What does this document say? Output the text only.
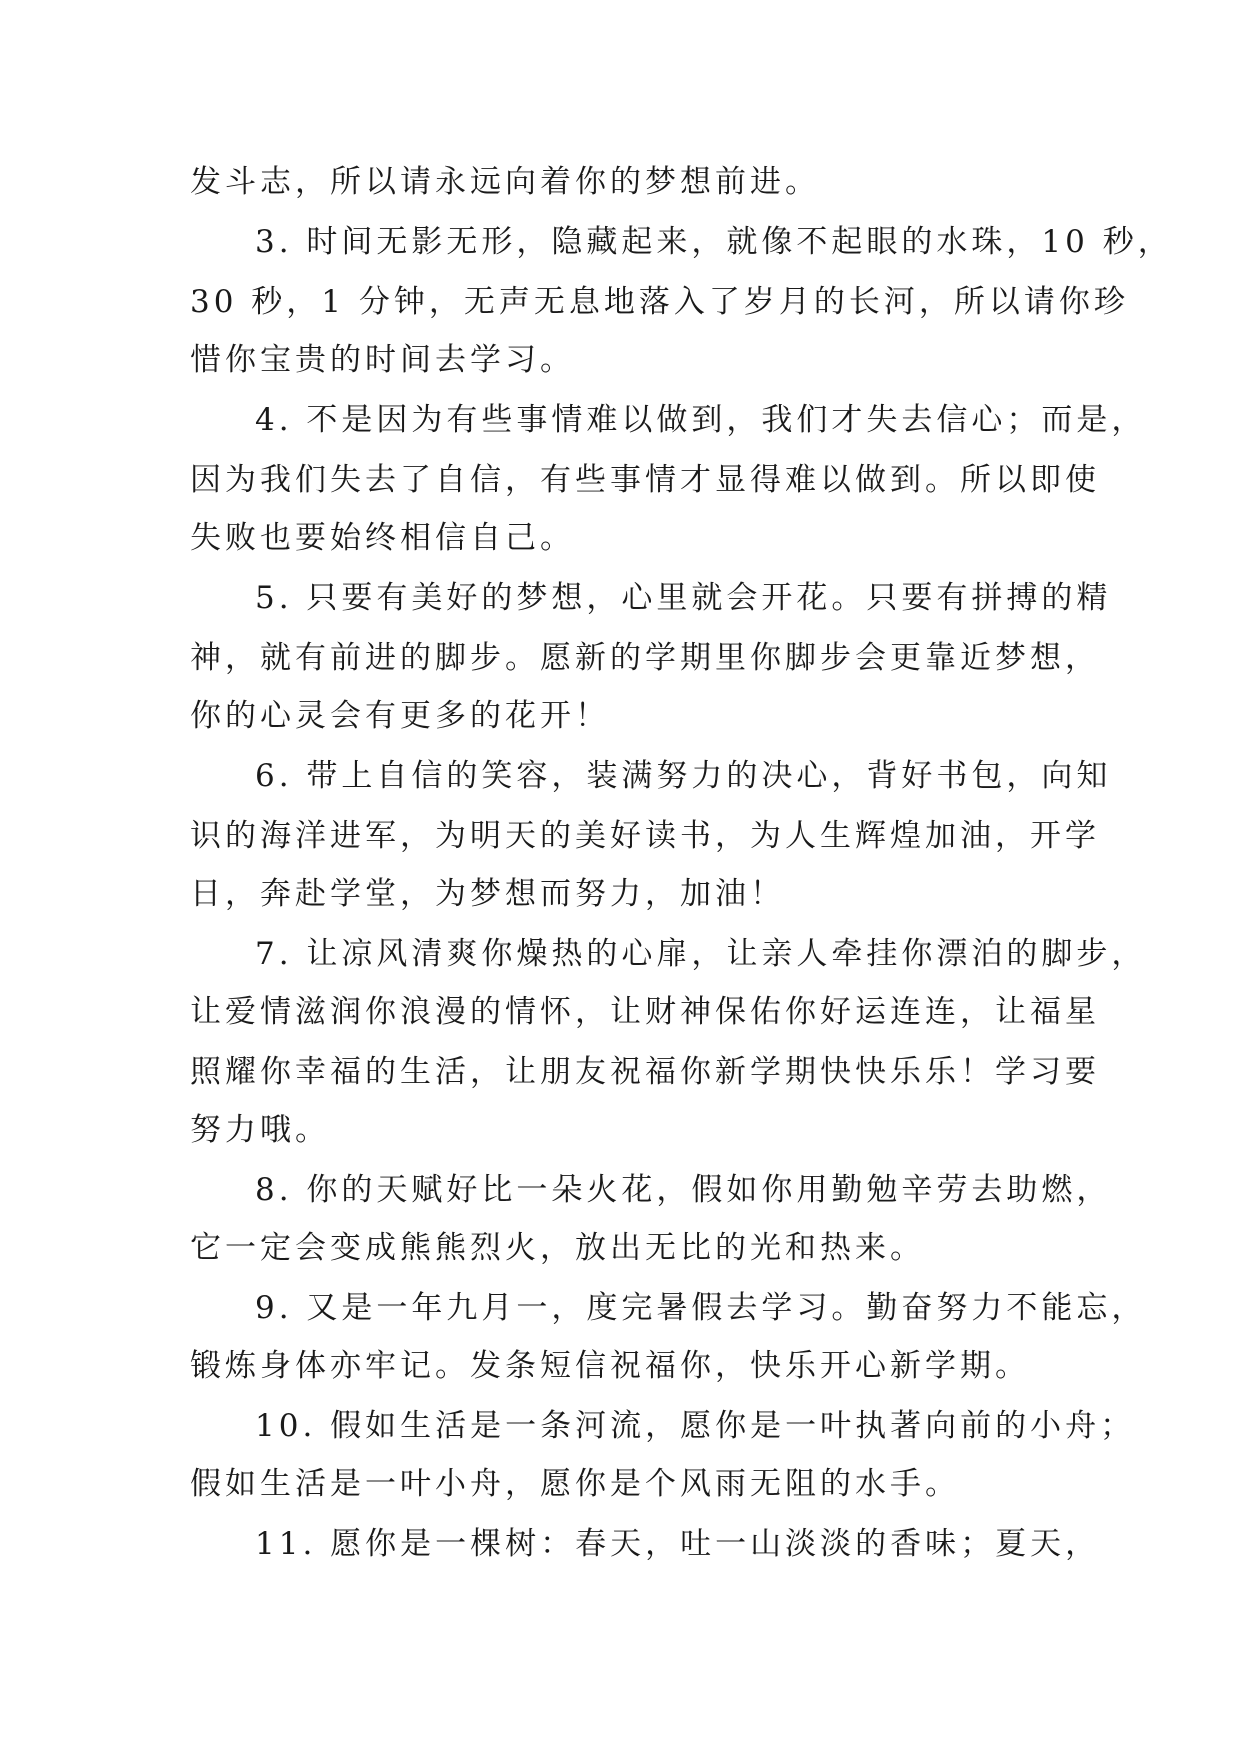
发斗志，所以请永远向着你的梦想前进。
3. 时间无影无形，隐藏起来，就像不起眼的水珠，10 秒，
30 秒，1 分钟，无声无息地落入了岁月的长河，所以请你珍
惜你宝贵的时间去学习。
4. 不是因为有些事情难以做到，我们才失去信心；而是，
因为我们失去了自信，有些事情才显得难以做到。所以即使
失败也要始终相信自己。
5. 只要有美好的梦想，心里就会开花。只要有拼搏的精
神，就有前进的脚步。愿新的学期里你脚步会更靠近梦想，
你的心灵会有更多的花开！
6. 带上自信的笑容，装满努力的决心，背好书包，向知
识的海洋进军，为明天的美好读书，为人生辉煌加油，开学
日，奔赴学堂，为梦想而努力，加油！
7. 让凉风清爽你燥热的心扉，让亲人牵挂你漂泊的脚步，
让爱情滋润你浪漫的情怀，让财神保佑你好运连连，让福星
照耀你幸福的生活，让朋友祝福你新学期快快乐乐！学习要
努力哦。
8. 你的天赋好比一朵火花，假如你用勤勉辛劳去助燃，
它一定会变成熊熊烈火，放出无比的光和热来。
9. 又是一年九月一，度完暑假去学习。勤奋努力不能忘，
锻炼身体亦牢记。发条短信祝福你，快乐开心新学期。
10. 假如生活是一条河流，愿你是一叶执著向前的小舟；
假如生活是一叶小舟，愿你是个风雨无阻的水手。
11. 愿你是一棵树：春天，吐一山淡淡的香味；夏天，
